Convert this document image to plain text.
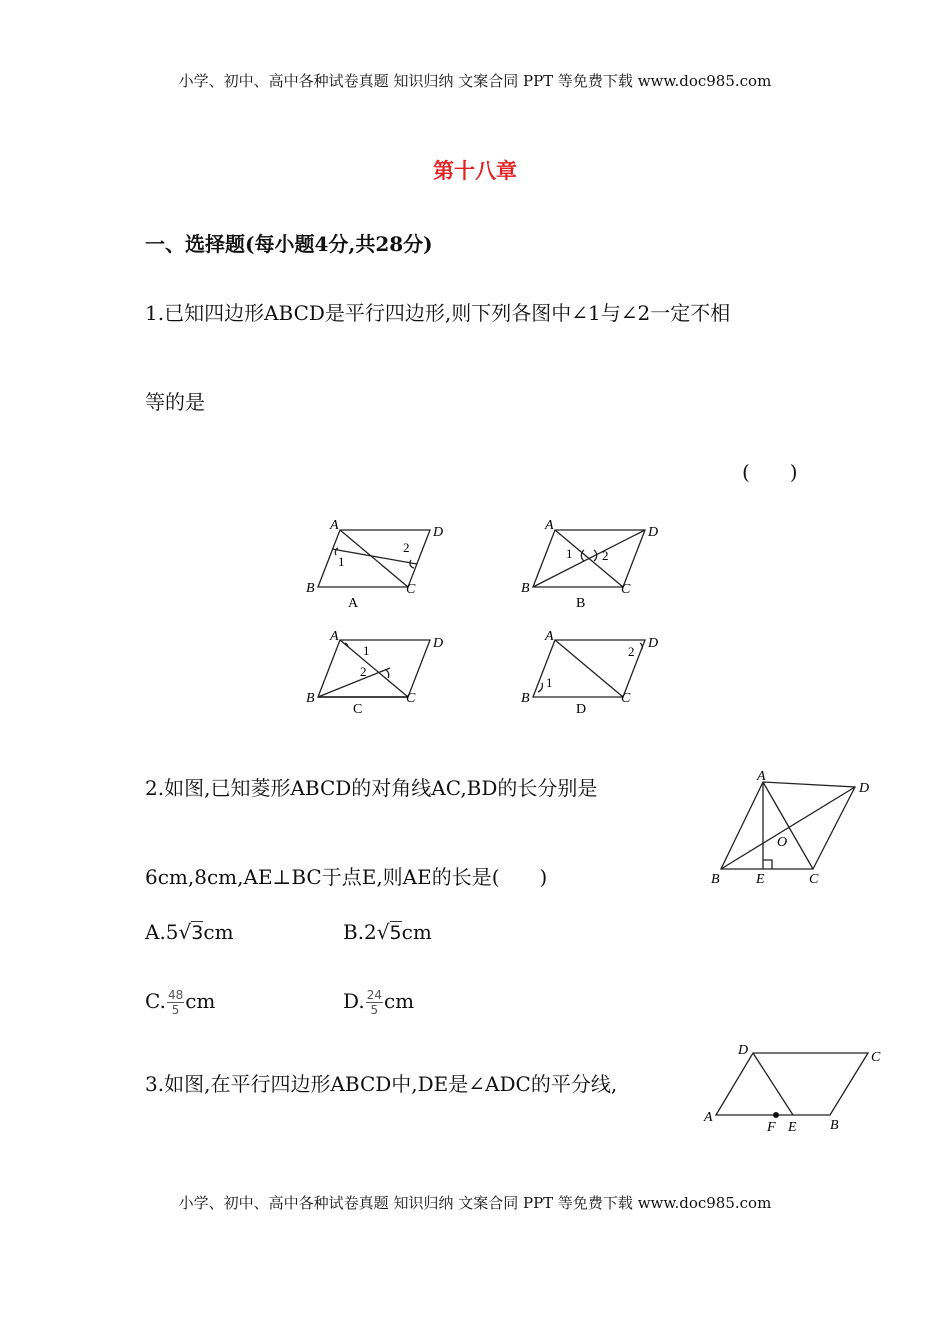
小学、初中、高中各种试卷真题 知识归纳 文案合同 PPT 等免费下载 www.doc985.com
第十八章
一、选择题(每小题4分,共28分)
1.已知四边形ABCD是平行四边形,则下列各图中∠1与∠2一定不相
等的是
(　　)
A	D
B	C
1
2
A
A	D
B	C
1 2
B
A	D
B	C
1
2
C
A	D
B	C
1
2
D
2.如图,已知菱形ABCD的对角线AC,BD的长分别是
6cm,8cm,AE⊥BC于点E,则AE的长是(　　)
A.5√3cm	B.2√5cm
C. $\frac{48}{5}$ cm	D. $\frac{24}{5}$ cm
A
D
B	C
E
O
3.如图,在平行四边形ABCD中,DE是∠ADC的平分线,
D	C
A
B
F E
小学、初中、高中各种试卷真题 知识归纳 文案合同 PPT 等免费下载 www.doc985.com
